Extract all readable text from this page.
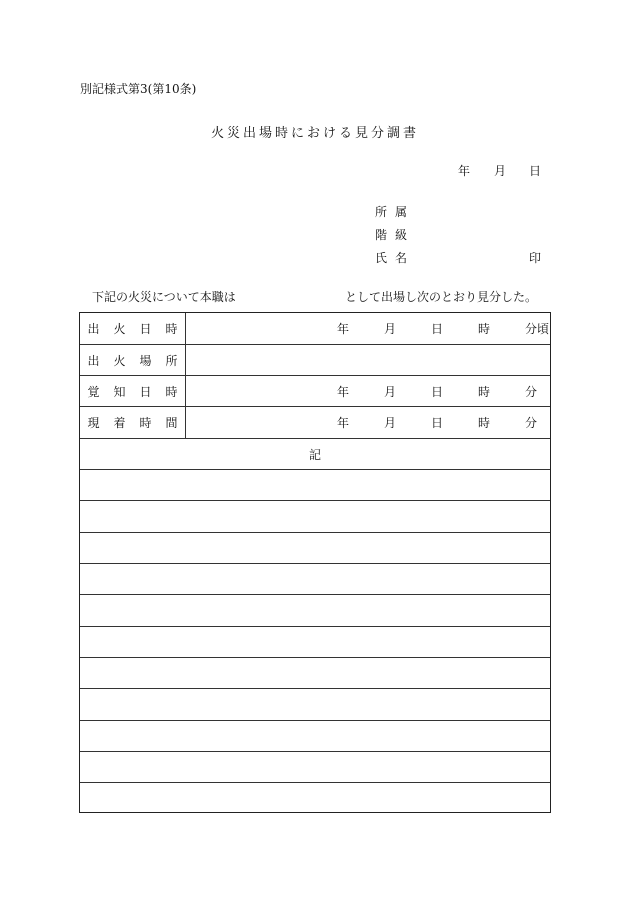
別記様式第3(第10条)
火災出場時における見分調書
年 月 日
所属
階級
氏名	印
下記の火災について本職は	として出場し次のとおり見分した。
出火日時	年	月	日	時	分頃
出火場所
覚知日時	年	月	日	時	分
現着時間	年	月	日	時	分
記
